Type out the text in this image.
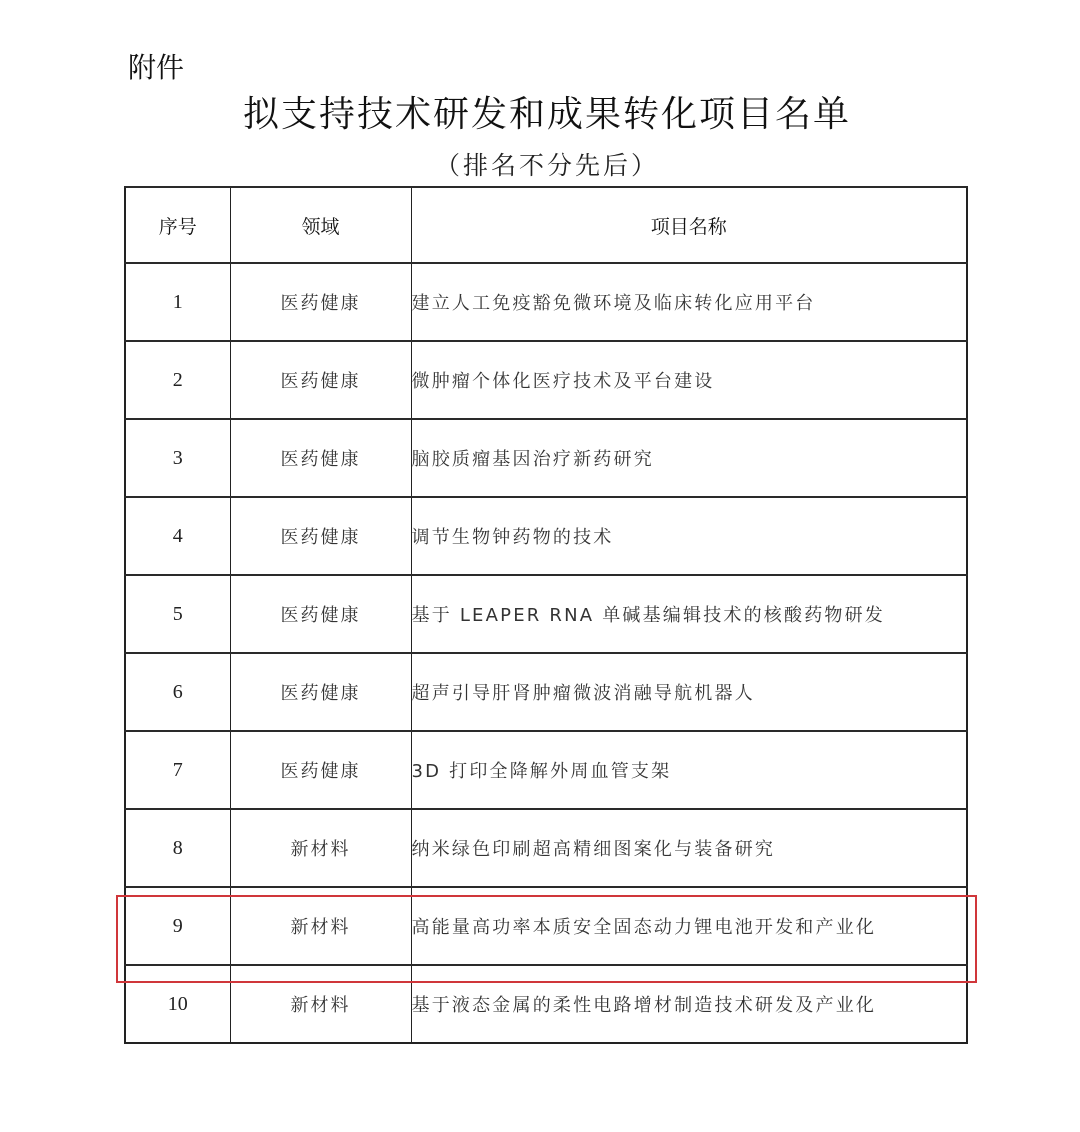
附件
拟支持技术研发和成果转化项目名单
（排名不分先后）
序号	领域	项目名称
1	医药健康	建立人工免疫豁免微环境及临床转化应用平台
2	医药健康	微肿瘤个体化医疗技术及平台建设
3	医药健康	脑胶质瘤基因治疗新药研究
4	医药健康	调节生物钟药物的技术
5	医药健康	基于 LEAPER RNA 单碱基编辑技术的核酸药物研发
6	医药健康	超声引导肝肾肿瘤微波消融导航机器人
7	医药健康	3D 打印全降解外周血管支架
8	新材料	纳米绿色印刷超高精细图案化与装备研究
9	新材料	高能量高功率本质安全固态动力锂电池开发和产业化
10	新材料	基于液态金属的柔性电路增材制造技术研发及产业化
